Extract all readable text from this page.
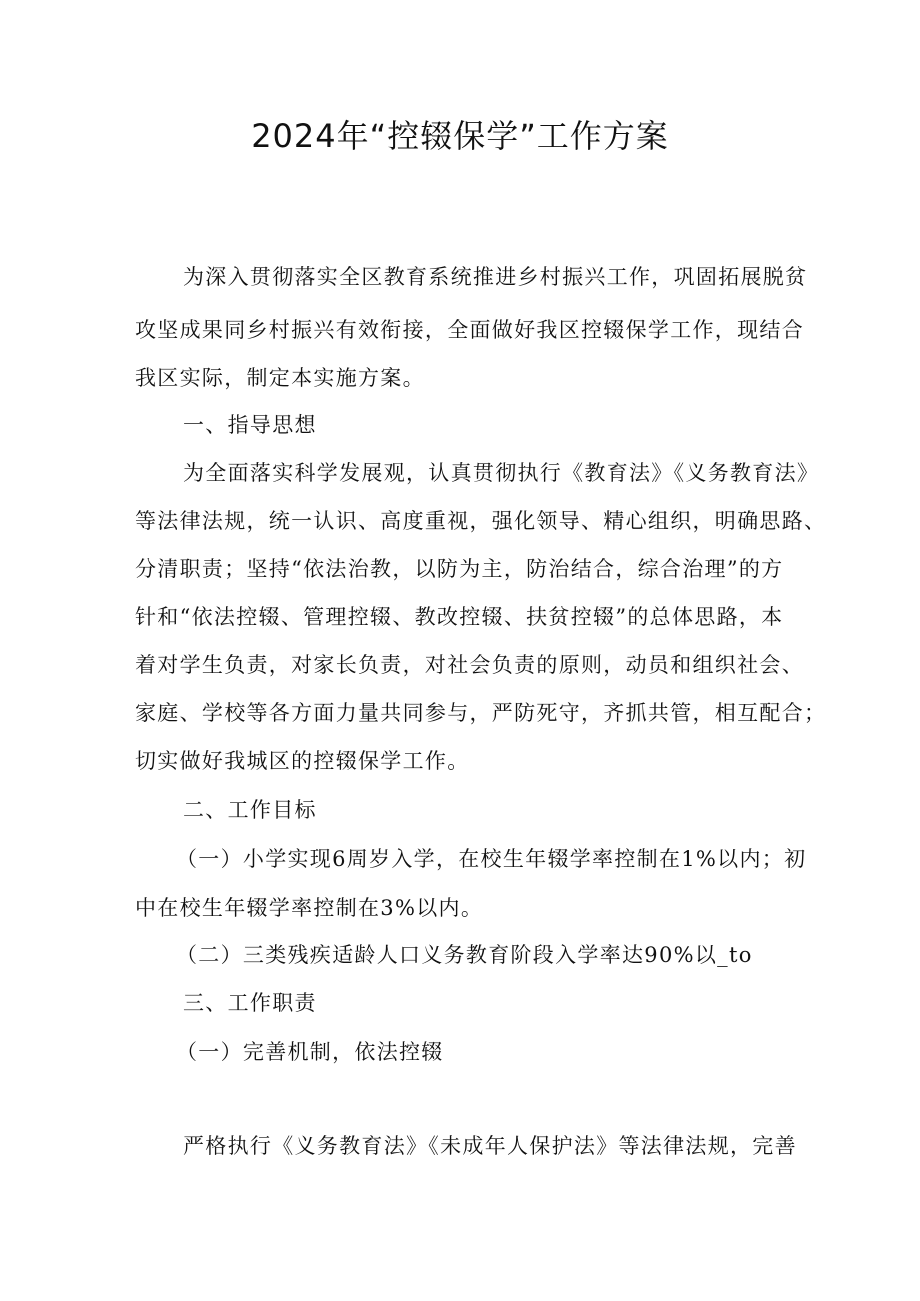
2024年“控辍保学”工作方案
为深入贯彻落实全区教育系统推进乡村振兴工作，巩固拓展脱贫
攻坚成果同乡村振兴有效衔接，全面做好我区控辍保学工作，现结合
我区实际，制定本实施方案。
一、指导思想
为全面落实科学发展观，认真贯彻执行《教育法》《义务教育法》
等法律法规，统一认识、高度重视，强化领导、精心组织，明确思路、
分清职责；坚持“依法治教，以防为主，防治结合，综合治理”的方
针和“依法控辍、管理控辍、教改控辍、扶贫控辍”的总体思路，本
着对学生负责，对家长负责，对社会负责的原则，动员和组织社会、
家庭、学校等各方面力量共同参与，严防死守，齐抓共管，相互配合；
切实做好我城区的控辍保学工作。
二、工作目标
（一）小学实现6周岁入学，在校生年辍学率控制在1%以内；初
中在校生年辍学率控制在3%以内。
（二）三类残疾适龄人口义务教育阶段入学率达90%以_to
三、工作职责
（一）完善机制，依法控辍
严格执行《义务教育法》《未成年人保护法》等法律法规，完善
